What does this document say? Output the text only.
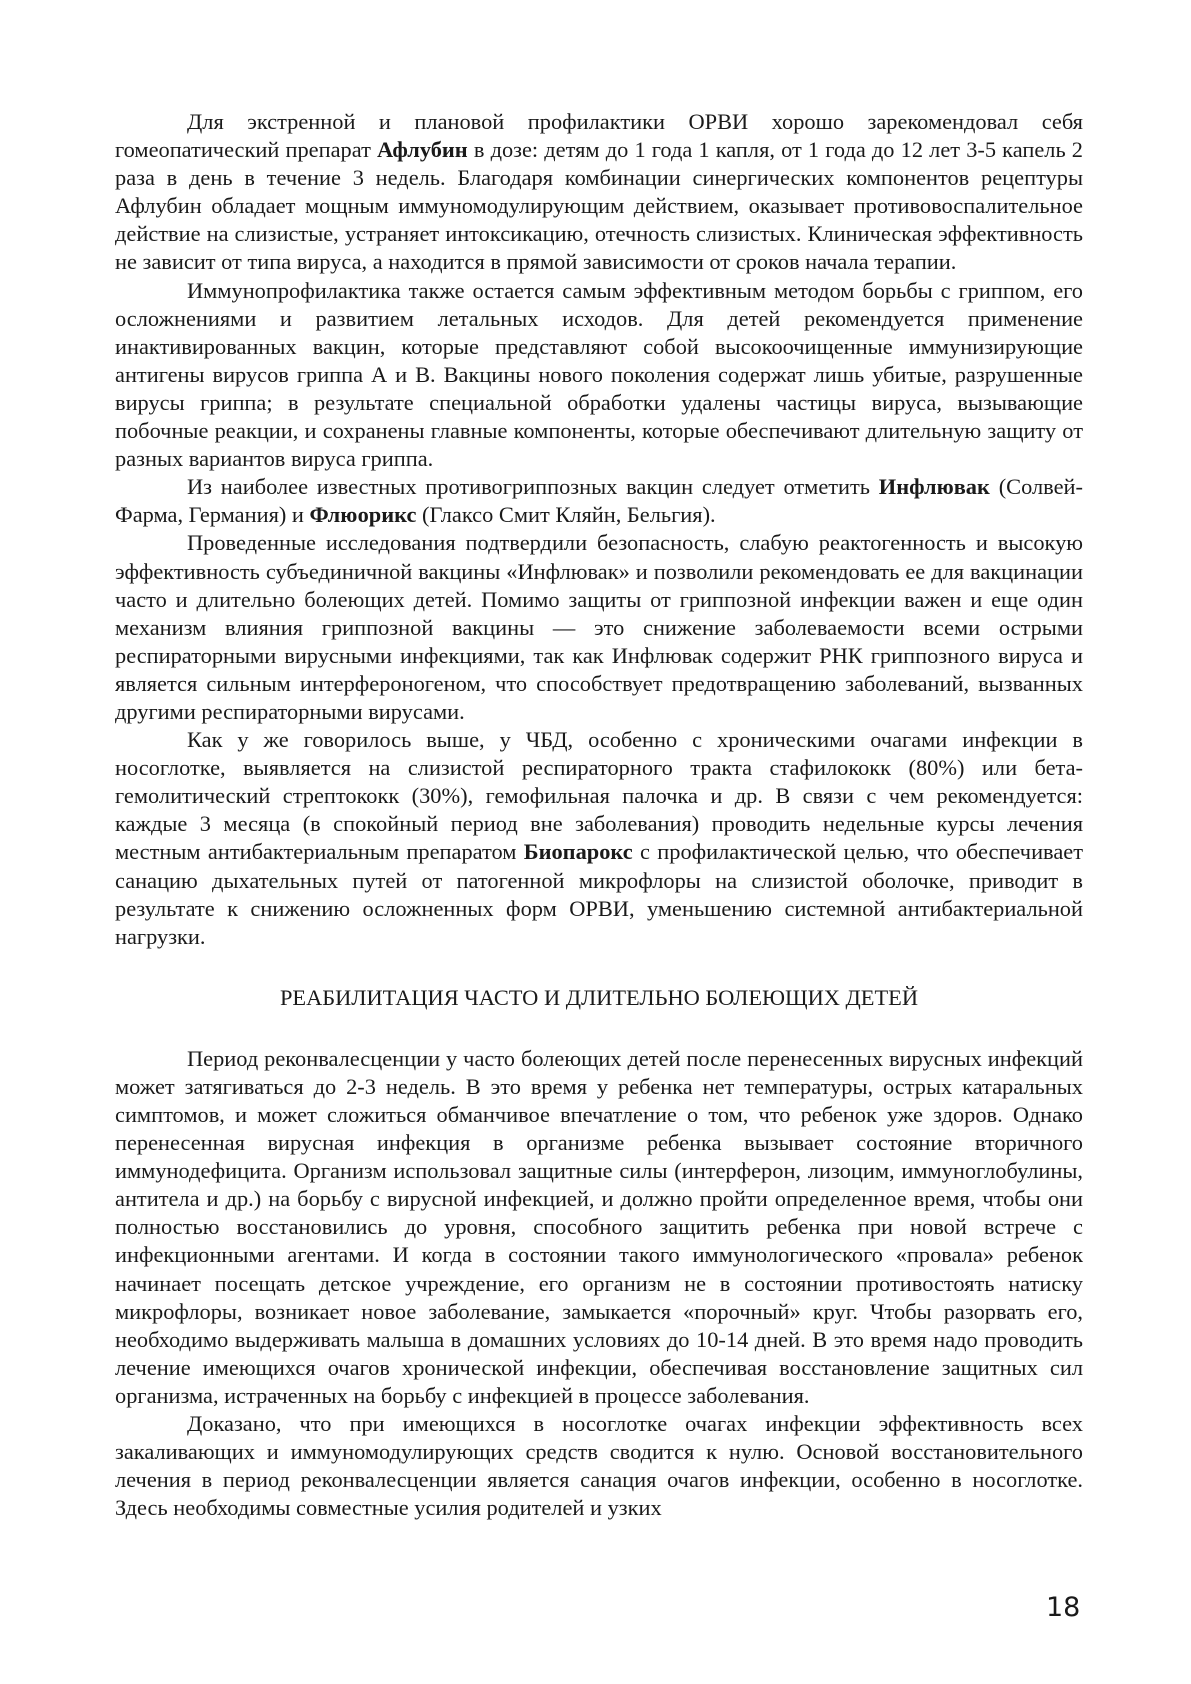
Для экстренной и плановой профилактики ОРВИ хорошо зарекомендовал себя гомеопатический препарат Афлубин в дозе: детям до 1 года 1 капля, от 1 года до 12 лет 3-5 капель 2 раза в день в течение 3 недель. Благодаря комбинации синергических компонентов рецептуры Афлубин обладает мощным иммуномодулирующим действием, оказывает противовоспалительное действие на слизистые, устраняет интоксикацию, отечность слизистых. Клиническая эффективность не зависит от типа вируса, а находится в прямой зависимости от сроков начала терапии.

Иммунопрофилактика также остается самым эффективным методом борьбы с гриппом, его осложнениями и развитием летальных исходов. Для детей рекомендуется применение инактивированных вакцин, которые представляют собой высокоочищенные иммунизирующие антигены вирусов гриппа А и В. Вакцины нового поколения содержат лишь убитые, разрушенные вирусы гриппа; в результате специальной обработки удалены частицы вируса, вызывающие побочные реакции, и сохранены главные компоненты, которые обеспечивают длительную защиту от разных вариантов вируса гриппа.

Из наиболее известных противогриппозных вакцин следует отметить Инфлювак (Солвей-Фарма, Германия) и Флюорикс (Глаксо Смит Кляйн, Бельгия).

Проведенные исследования подтвердили безопасность, слабую реактогенность и высокую эффективность субъединичной вакцины «Инфлювак» и позволили рекомендовать ее для вакцинации часто и длительно болеющих детей. Помимо защиты от гриппозной инфекции важен и еще один механизм влияния гриппозной вакцины — это снижение заболеваемости всеми острыми респираторными вирусными инфекциями, так как Инфлювак содержит РНК гриппозного вируса и является сильным интерфероногеном, что способствует предотвращению заболеваний, вызванных другими респираторными вирусами.

Как у же говорилось выше, у ЧБД, особенно с хроническими очагами инфекции в носоглотке, выявляется на слизистой респираторного тракта стафилококк (80%) или бета-гемолитический стрептококк (30%), гемофильная палочка и др. В связи с чем рекомендуется: каждые 3 месяца (в спокойный период вне заболевания) проводить недельные курсы лечения местным антибактериальным препаратом Биопарокс с профилактической целью, что обеспечивает санацию дыхательных путей от патогенной микрофлоры на слизистой оболочке, приводит в результате к снижению осложненных форм ОРВИ, уменьшению системной антибактериальной нагрузки.

РЕАБИЛИТАЦИЯ ЧАСТО И ДЛИТЕЛЬНО БОЛЕЮЩИХ ДЕТЕЙ

Период реконвалесценции у часто болеющих детей после перенесенных вирусных инфекций может затягиваться до 2-3 недель. В это время у ребенка нет температуры, острых катаральных симптомов, и может сложиться обманчивое впечатление о том, что ребенок уже здоров. Однако перенесенная вирусная инфекция в организме ребенка вызывает состояние вторичного иммунодефицита. Организм использовал защитные силы (интерферон, лизоцим, иммуноглобулины, антитела и др.) на борьбу с вирусной инфекцией, и должно пройти определенное время, чтобы они полностью восстановились до уровня, способного защитить ребенка при новой встрече с инфекционными агентами. И когда в состоянии такого иммунологического «провала» ребенок начинает посещать детское учреждение, его организм не в состоянии противостоять натиску микрофлоры, возникает новое заболевание, замыкается «порочный» круг. Чтобы разорвать его, необходимо выдерживать малыша в домашних условиях до 10-14 дней. В это время надо проводить лечение имеющихся очагов хронической инфекции, обеспечивая восстановление защитных сил организма, истраченных на борьбу с инфекцией в процессе заболевания.

Доказано, что при имеющихся в носоглотке очагах инфекции эффективность всех закаливающих и иммуномодулирующих средств сводится к нулю. Основой восстановительного лечения в период реконвалесценции является санация очагов инфекции, особенно в носоглотке. Здесь необходимы совместные усилия родителей и узких

18
